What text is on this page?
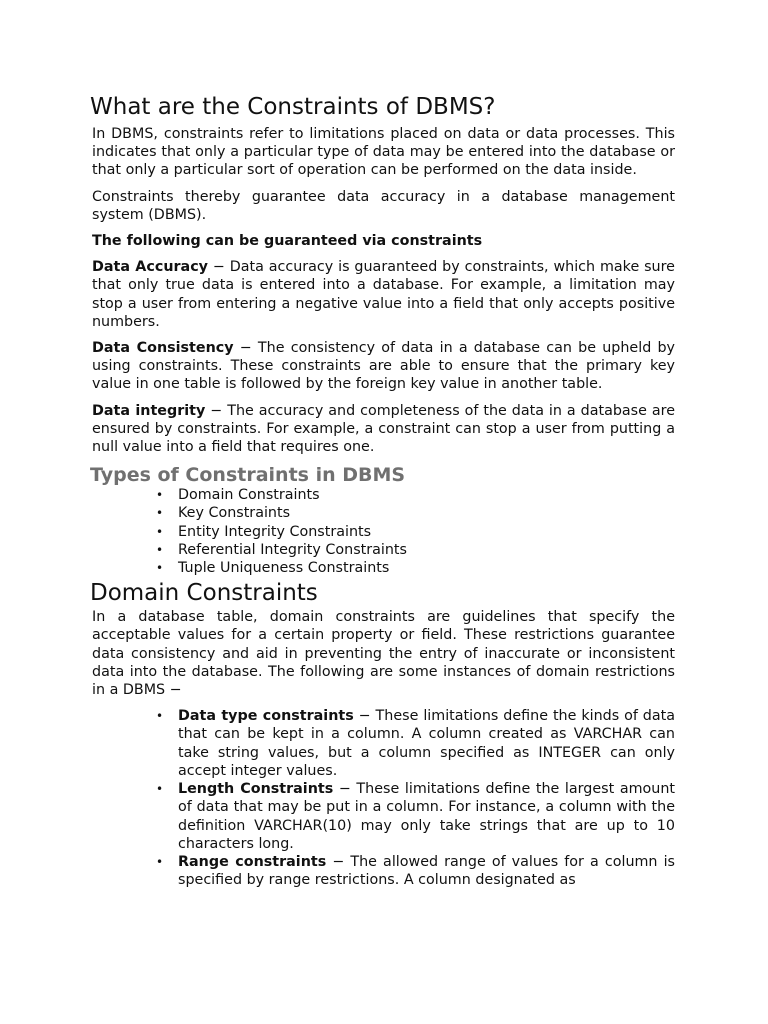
What are the Constraints of DBMS?

In DBMS, constraints refer to limitations placed on data or data processes. This indicates that only a particular type of data may be entered into the database or that only a particular sort of operation can be performed on the data inside.

Constraints thereby guarantee data accuracy in a database management system (DBMS).

The following can be guaranteed via constraints

Data Accuracy − Data accuracy is guaranteed by constraints, which make sure that only true data is entered into a database. For example, a limitation may stop a user from entering a negative value into a field that only accepts positive numbers.

Data Consistency − The consistency of data in a database can be upheld by using constraints. These constraints are able to ensure that the primary key value in one table is followed by the foreign key value in another table.

Data integrity − The accuracy and completeness of the data in a database are ensured by constraints. For example, a constraint can stop a user from putting a null value into a field that requires one.

Types of Constraints in DBMS
• Domain Constraints
• Key Constraints
• Entity Integrity Constraints
• Referential Integrity Constraints
• Tuple Uniqueness Constraints
Domain Constraints

In a database table, domain constraints are guidelines that specify the acceptable values for a certain property or field. These restrictions guarantee data consistency and aid in preventing the entry of inaccurate or inconsistent data into the database. The following are some instances of domain restrictions in a DBMS −

• Data type constraints − These limitations define the kinds of data that can be kept in a column. A column created as VARCHAR can take string values, but a column specified as INTEGER can only accept integer values.
• Length Constraints − These limitations define the largest amount of data that may be put in a column. For instance, a column with the definition VARCHAR(10) may only take strings that are up to 10 characters long.
• Range constraints − The allowed range of values for a column is specified by range restrictions. A column designated as
